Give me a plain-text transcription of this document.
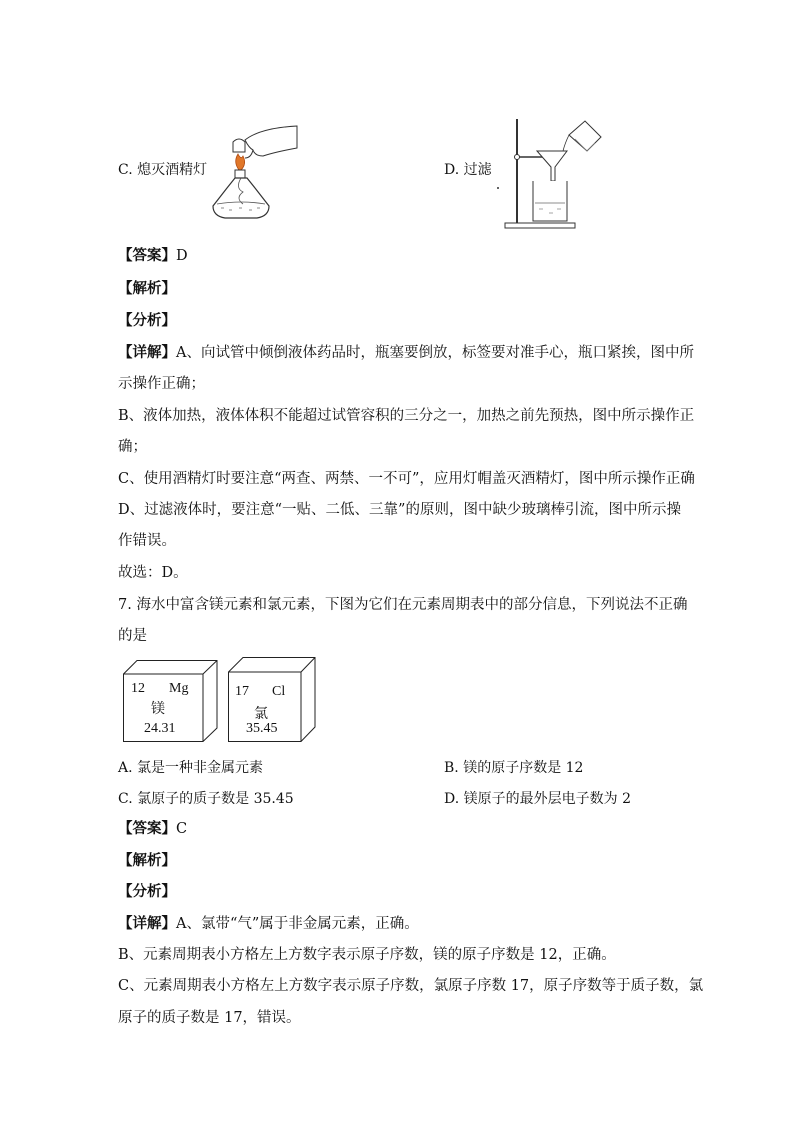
C. 熄灭酒精灯	D. 过滤
【答案】D
【解析】
【分析】
【详解】A、向试管中倾倒液体药品时，瓶塞要倒放，标签要对准手心，瓶口紧挨，图中所
示操作正确；
B、液体加热，液体体积不能超过试管容积的三分之一，加热之前先预热，图中所示操作正
确；
C、使用酒精灯时要注意“两查、两禁、一不可”，应用灯帽盖灭酒精灯，图中所示操作正确
D、过滤液体时，要注意“一贴、二低、三靠”的原则，图中缺少玻璃棒引流，图中所示操
作错误。
故选：D。
7. 海水中富含镁元素和氯元素，下图为它们在元素周期表中的部分信息，下列说法不正确
的是
12 Mg
镁
24.31
17 Cl
氯
35.45
A. 氯是一种非金属元素	B. 镁的原子序数是 12
C. 氯原子的质子数是 35.45	D. 镁原子的最外层电子数为 2
【答案】C
【解析】
【分析】
【详解】A、氯带“气”属于非金属元素，正确。
B、元素周期表小方格左上方数字表示原子序数，镁的原子序数是 12，正确。
C、元素周期表小方格左上方数字表示原子序数，氯原子序数 17，原子序数等于质子数，氯
原子的质子数是 17，错误。
